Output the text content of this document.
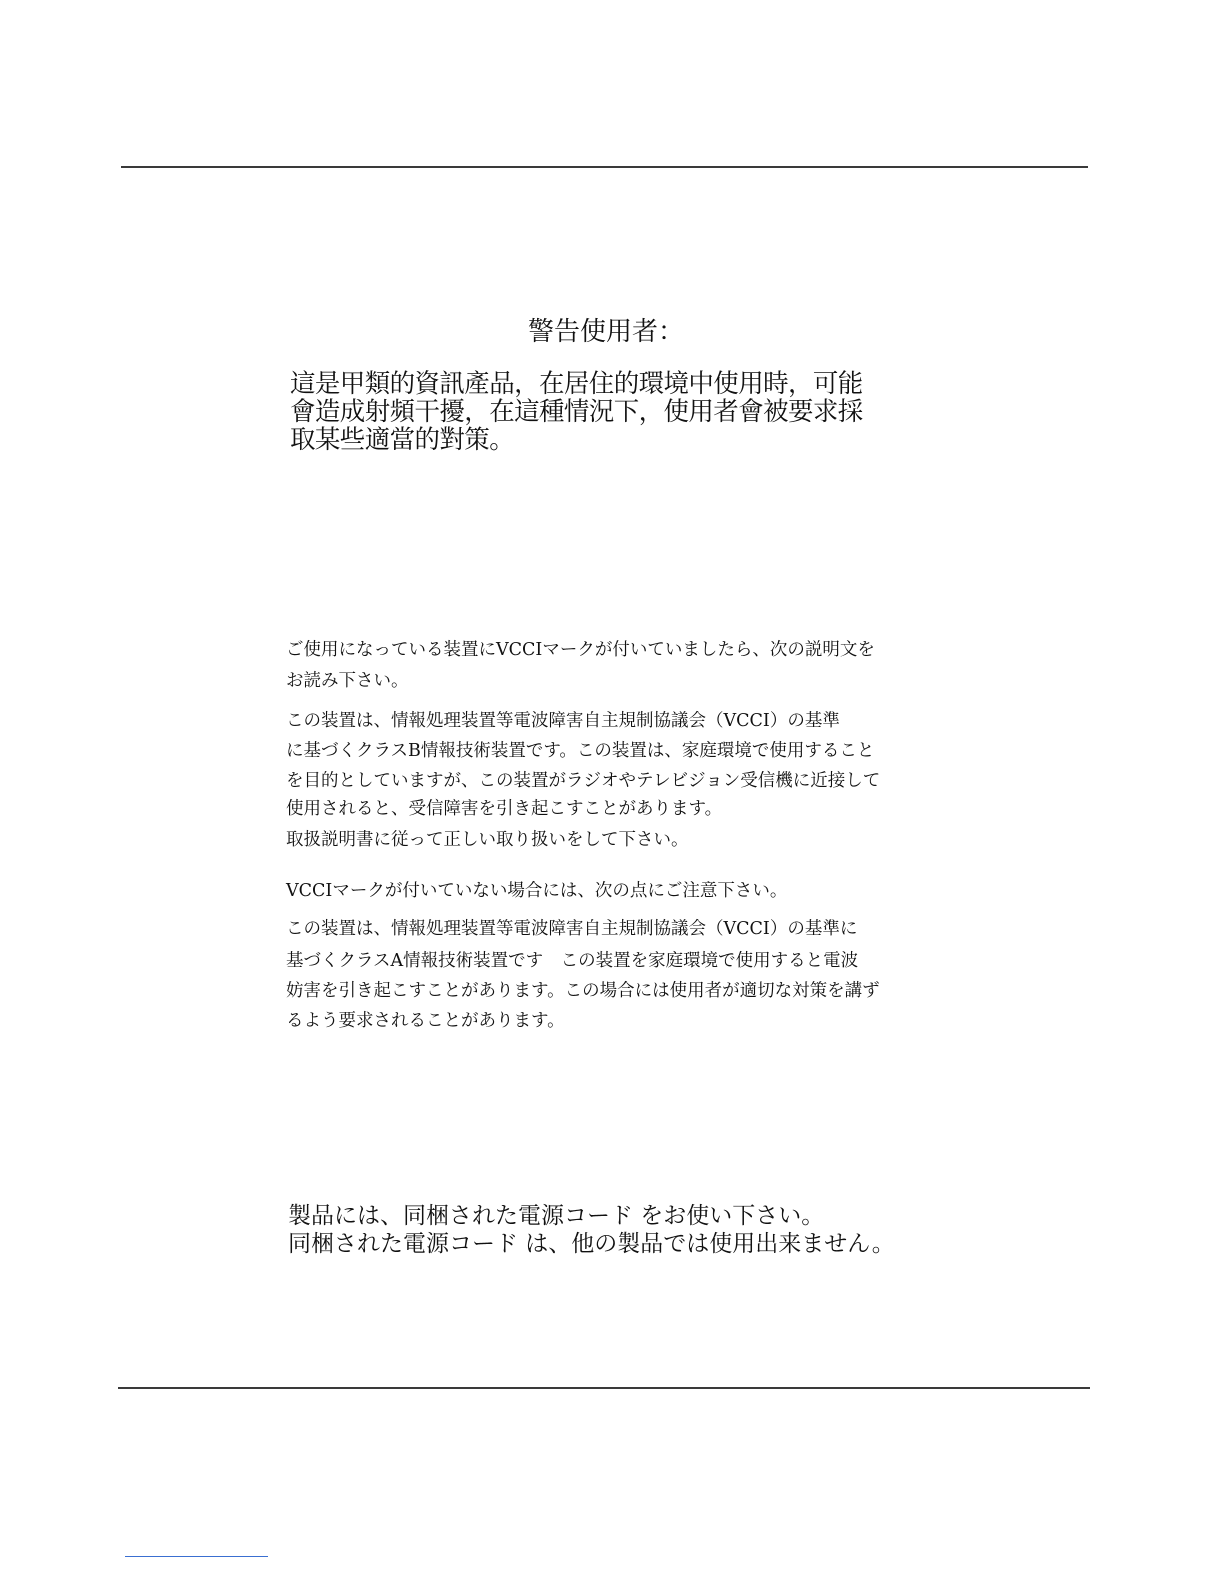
警告使用者：
這是甲類的資訊產品，在居住的環境中使用時，可能
會造成射頻干擾，在這種情況下，使用者會被要求採
取某些適當的對策。
ご使用になっている装置にVCCIマークが付いていましたら、次の説明文を
お読み下さい。
この装置は、情報処理装置等電波障害自主規制協議会（VCCI）の基準
に基づくクラスB情報技術装置です。この装置は、家庭環境で使用すること
を目的としていますが、この装置がラジオやテレビジョン受信機に近接して
使用されると、受信障害を引き起こすことがあります。
取扱説明書に従って正しい取り扱いをして下さい。
VCCIマークが付いていない場合には、次の点にご注意下さい。
この装置は、情報処理装置等電波障害自主規制協議会（VCCI）の基準に
基づくクラスA情報技術装置です　この装置を家庭環境で使用すると電波
妨害を引き起こすことがあります。この場合には使用者が適切な対策を講ず
るよう要求されることがあります。
製品には、同梱された電源コード をお使い下さい。
同梱された電源コード は、他の製品では使用出来ません。
